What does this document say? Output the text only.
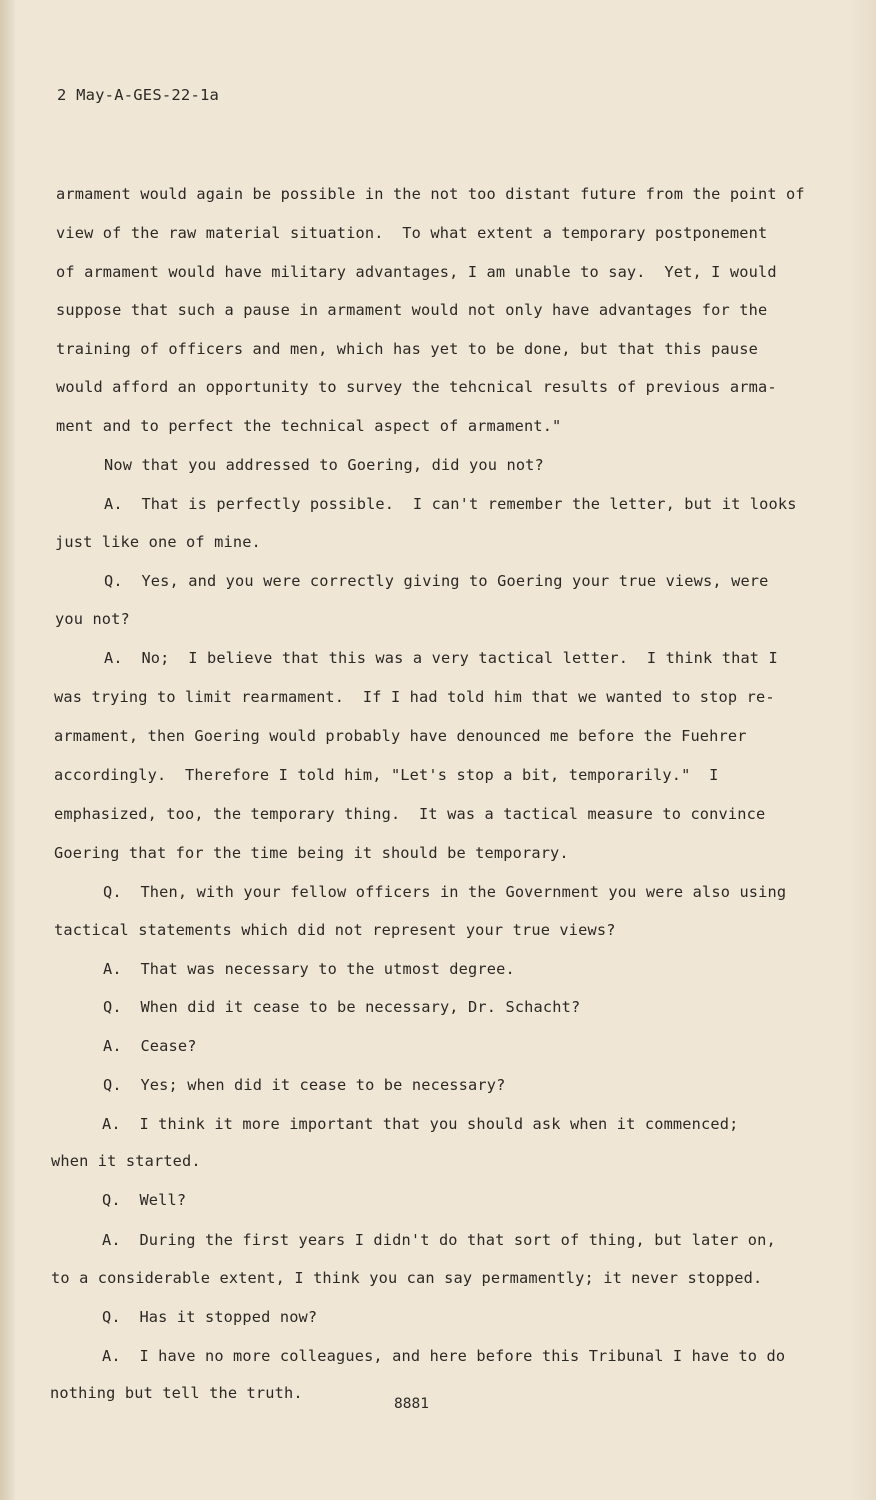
2 May-A-GES-22-1a
armament would again be possible in the not too distant future from the point of
view of the raw material situation.  To what extent a temporary postponement
of armament would have military advantages, I am unable to say.  Yet, I would
suppose that such a pause in armament would not only have advantages for the
training of officers and men, which has yet to be done, but that this pause
would afford an opportunity to survey the tehcnical results of previous arma-
ment and to perfect the technical aspect of armament."
Now that you addressed to Goering, did you not?
A.  That is perfectly possible.  I can't remember the letter, but it looks
just like one of mine.
Q.  Yes, and you were correctly giving to Goering your true views, were
you not?
A.  No;  I believe that this was a very tactical letter.  I think that I
was trying to limit rearmament.  If I had told him that we wanted to stop re-
armament, then Goering would probably have denounced me before the Fuehrer
accordingly.  Therefore I told him, "Let's stop a bit, temporarily."  I
emphasized, too, the temporary thing.  It was a tactical measure to convince
Goering that for the time being it should be temporary.
Q.  Then, with your fellow officers in the Government you were also using
tactical statements which did not represent your true views?
A.  That was necessary to the utmost degree.
Q.  When did it cease to be necessary, Dr. Schacht?
A.  Cease?
Q.  Yes; when did it cease to be necessary?
A.  I think it more important that you should ask when it commenced;
when it started.
Q.  Well?
A.  During the first years I didn't do that sort of thing, but later on,
to a considerable extent, I think you can say permamently; it never stopped.
Q.  Has it stopped now?
A.  I have no more colleagues, and here before this Tribunal I have to do
nothing but tell the truth.
8881
